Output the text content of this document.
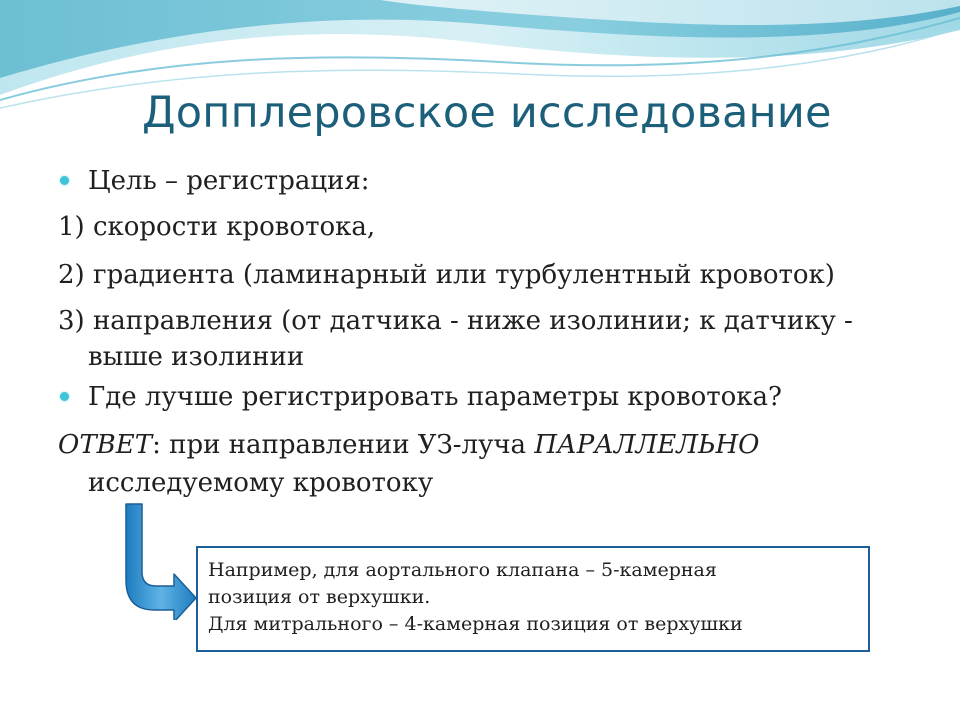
Допплеровское исследование
Цель – регистрация:
1) скорости кровотока,
2) градиента (ламинарный или турбулентный кровоток)
3) направления (от датчика - ниже изолинии; к датчику -
выше изолинии
Где лучше регистрировать параметры кровотока?
ОТВЕТ: при направлении УЗ-луча ПАРАЛЛЕЛЬНО
исследуемому кровотоку
Например, для аортального клапана – 5-камерная
позиция от верхушки.
Для митрального – 4-камерная позиция от верхушки
